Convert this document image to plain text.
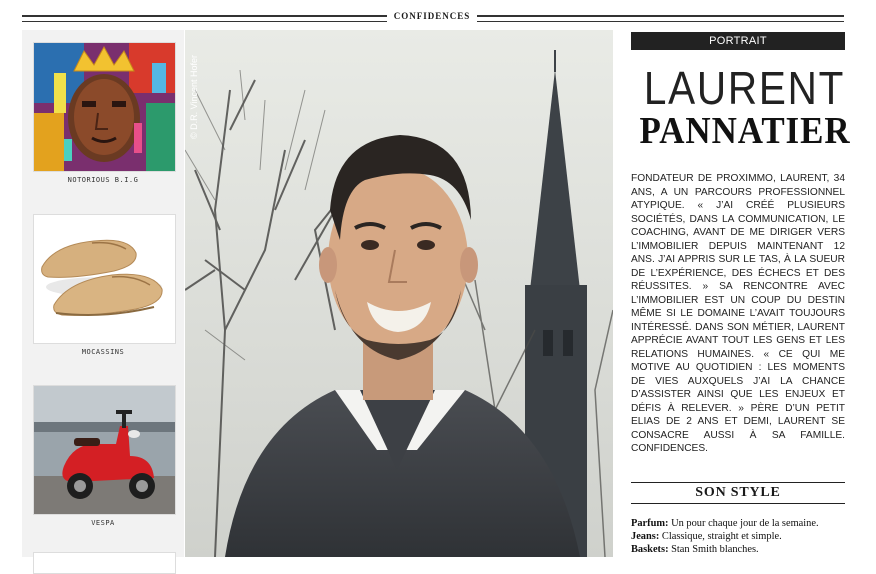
CONFIDENCES
NOTORIOUS B.I.G
MOCASSINS
VESPA
© D.R. Vincent Hofer
PORTRAIT
LAURENT
PANNATIER
FONDATEUR DE PROXIMMO, LAURENT, 34 ANS, A UN PARCOURS PROFESSIONNEL ATYPIQUE. « J’AI CRÉÉ PLUSIEURS SOCIÉTÉS, DANS LA COMMUNICATION, LE COACHING, AVANT DE ME DIRIGER VERS L’IMMOBILIER DEPUIS MAINTENANT 12 ANS. J’AI APPRIS SUR LE TAS, À LA SUEUR DE L’EXPÉRIENCE, DES ÉCHECS ET DES RÉUSSITES. » SA RENCONTRE AVEC L’IMMOBILIER EST UN COUP DU DESTIN MÊME SI LE DOMAINE L’AVAIT TOUJOURS INTÉRESSÉ. DANS SON MÉTIER, LAURENT APPRÉCIE AVANT TOUT LES GENS ET LES RELATIONS HUMAINES. « CE QUI ME MOTIVE AU QUOTIDIEN : LES MOMENTS DE VIES AUXQUELS J’AI LA CHANCE D’ASSISTER AINSI QUE LES ENJEUX ET DÉFIS À RELEVER. » PÈRE D’UN PETIT ELIAS DE 2 ANS ET DEMI, LAURENT SE CONSACRE AUSSI À SA FAMILLE. CONFIDENCES.
SON STYLE
Parfum: Un pour chaque jour de la semaine.
Jeans: Classique, straight et simple.
Baskets: Stan Smith blanches.
